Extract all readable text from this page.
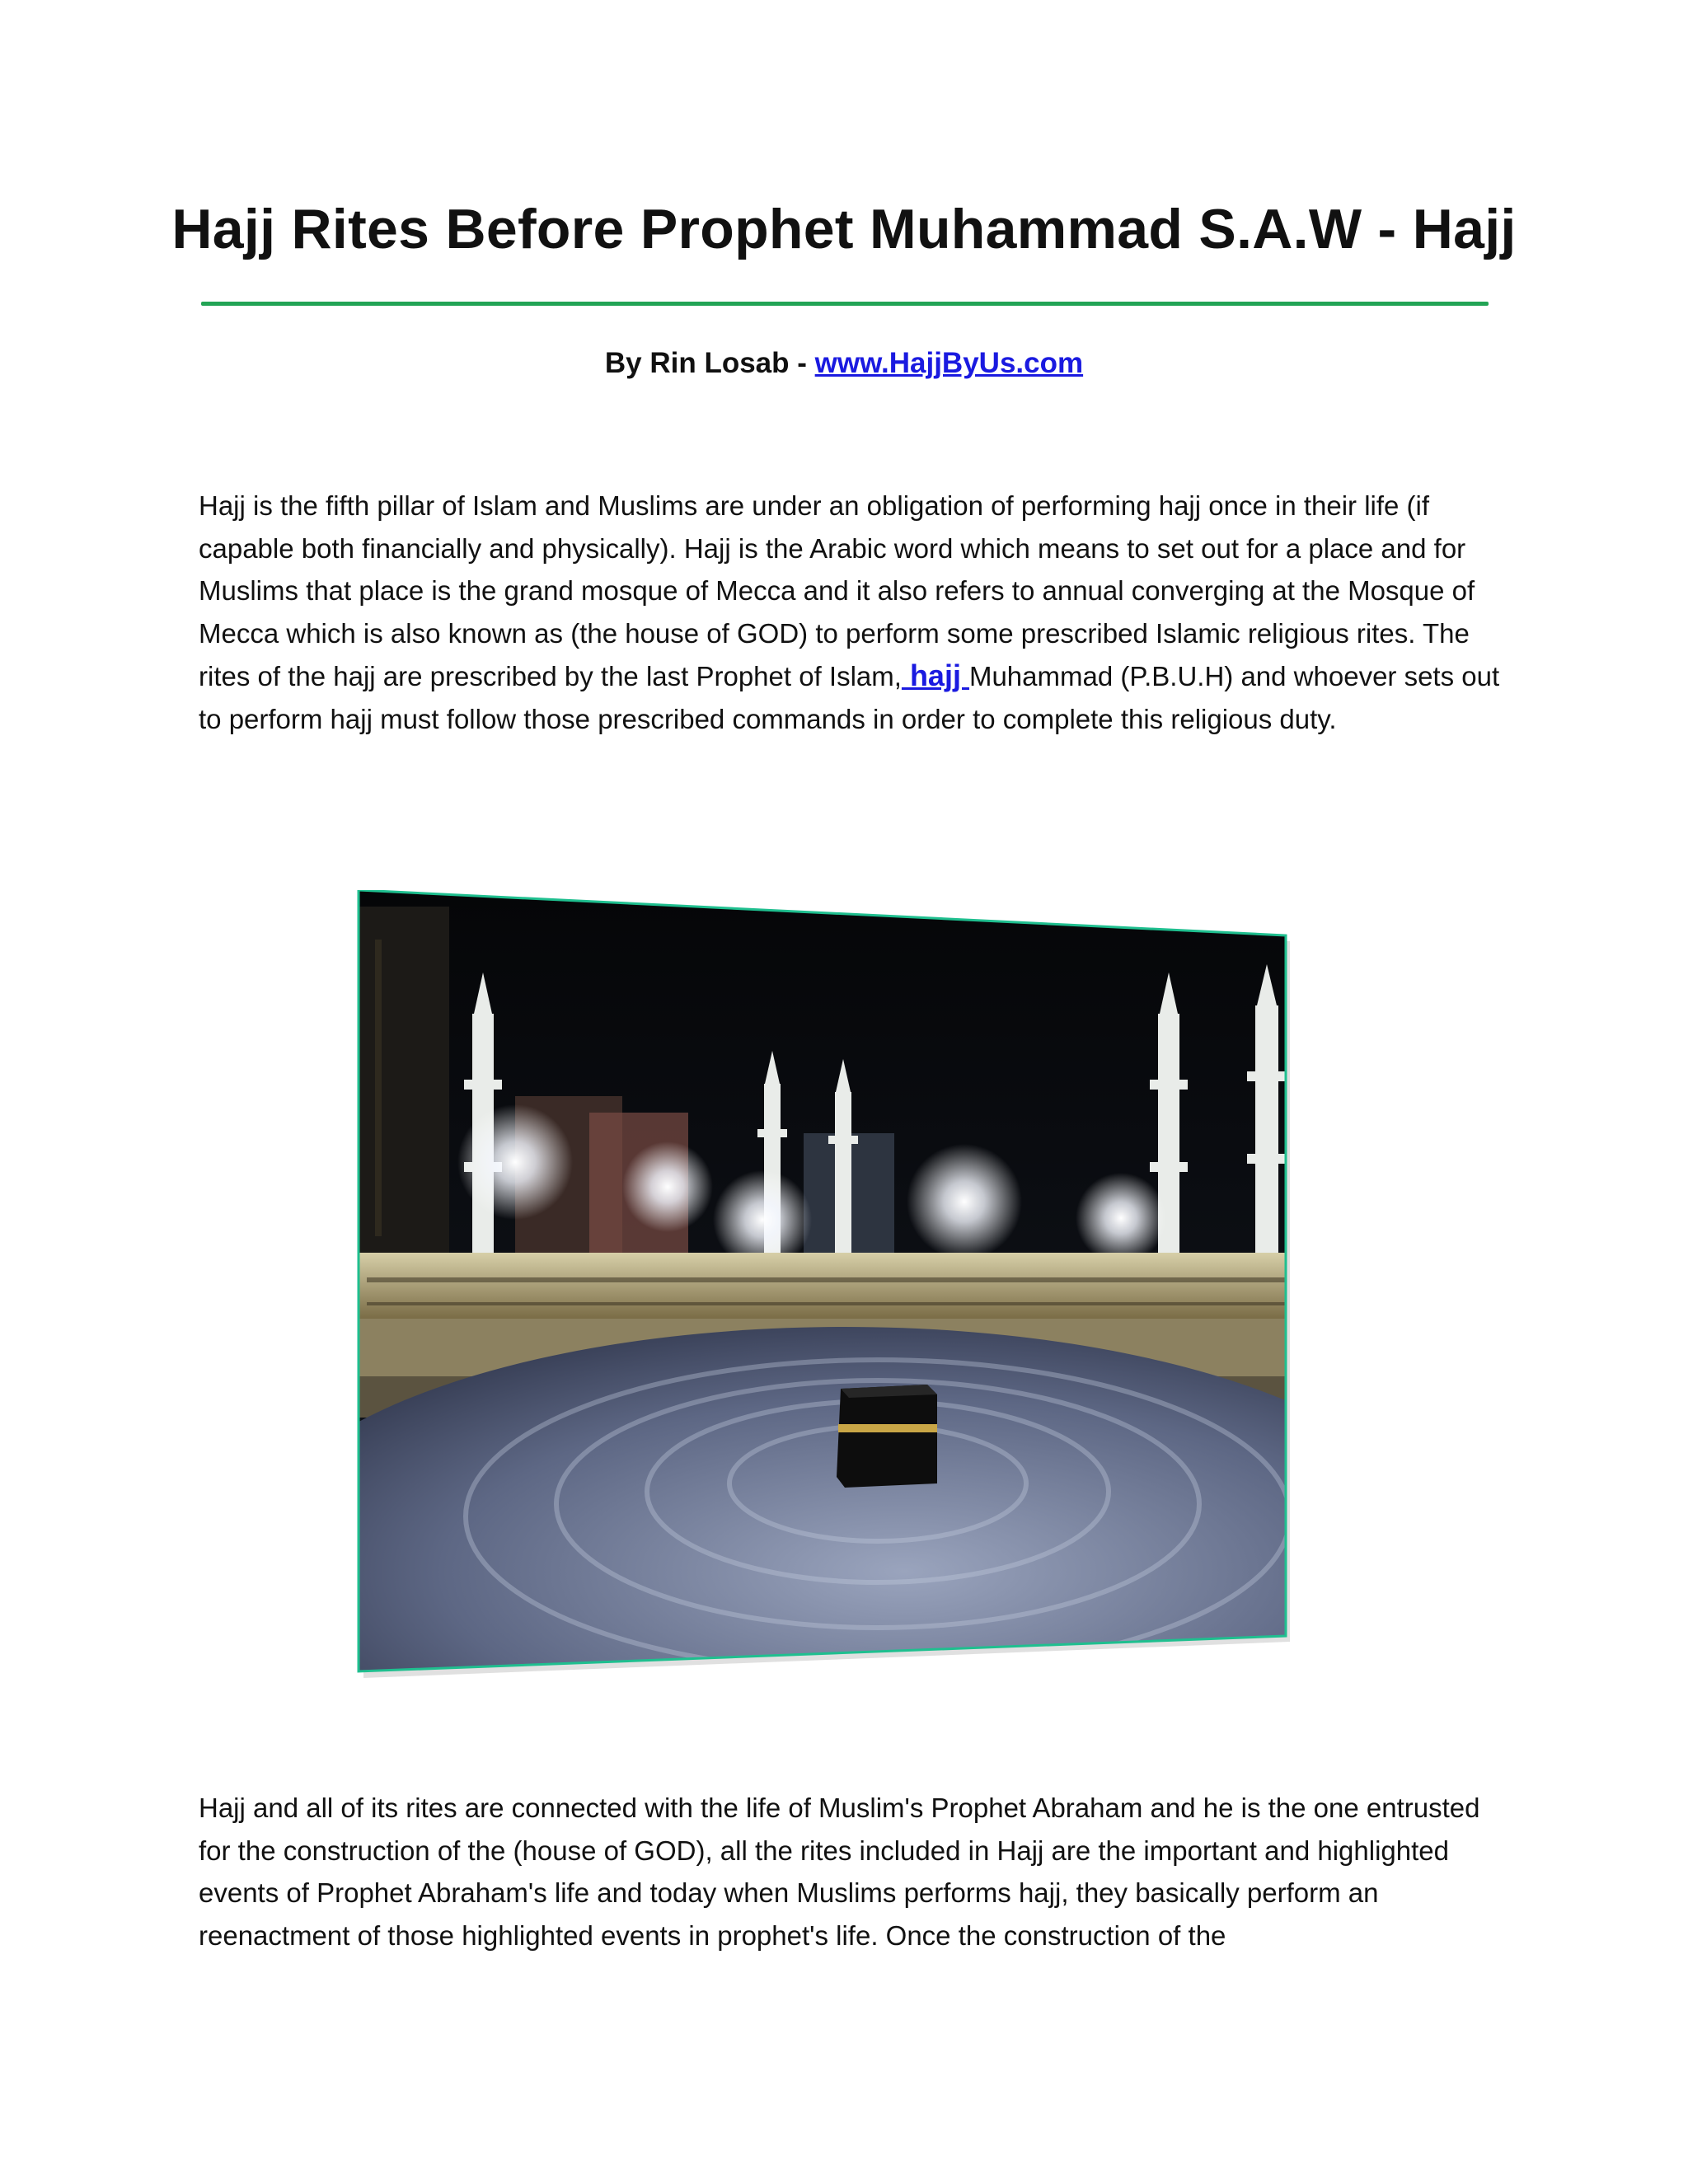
Hajj Rites Before Prophet Muhammad S.A.W - Hajj
By Rin Losab - www.HajjByUs.com
Hajj is the fifth pillar of Islam and Muslims are under an obligation of performing hajj once in their life (if capable both financially and physically). Hajj is the Arabic word which means to set out for a place and for Muslims that place is the grand mosque of Mecca and it also refers to annual converging at the Mosque of Mecca which is also known as (the house of GOD) to perform some prescribed Islamic religious rites. The rites of the hajj are prescribed by the last Prophet of Islam, hajj Muhammad (P.B.U.H) and whoever sets out to perform hajj must follow those prescribed commands in order to complete this religious duty.
Hajj and all of its rites are connected with the life of Muslim's Prophet Abraham and he is the one entrusted for the construction of the (house of GOD), all the rites included in Hajj are the important and highlighted events of Prophet Abraham's life and today when Muslims performs hajj, they basically perform an reenactment of those highlighted events in prophet's life. Once the construction of the
